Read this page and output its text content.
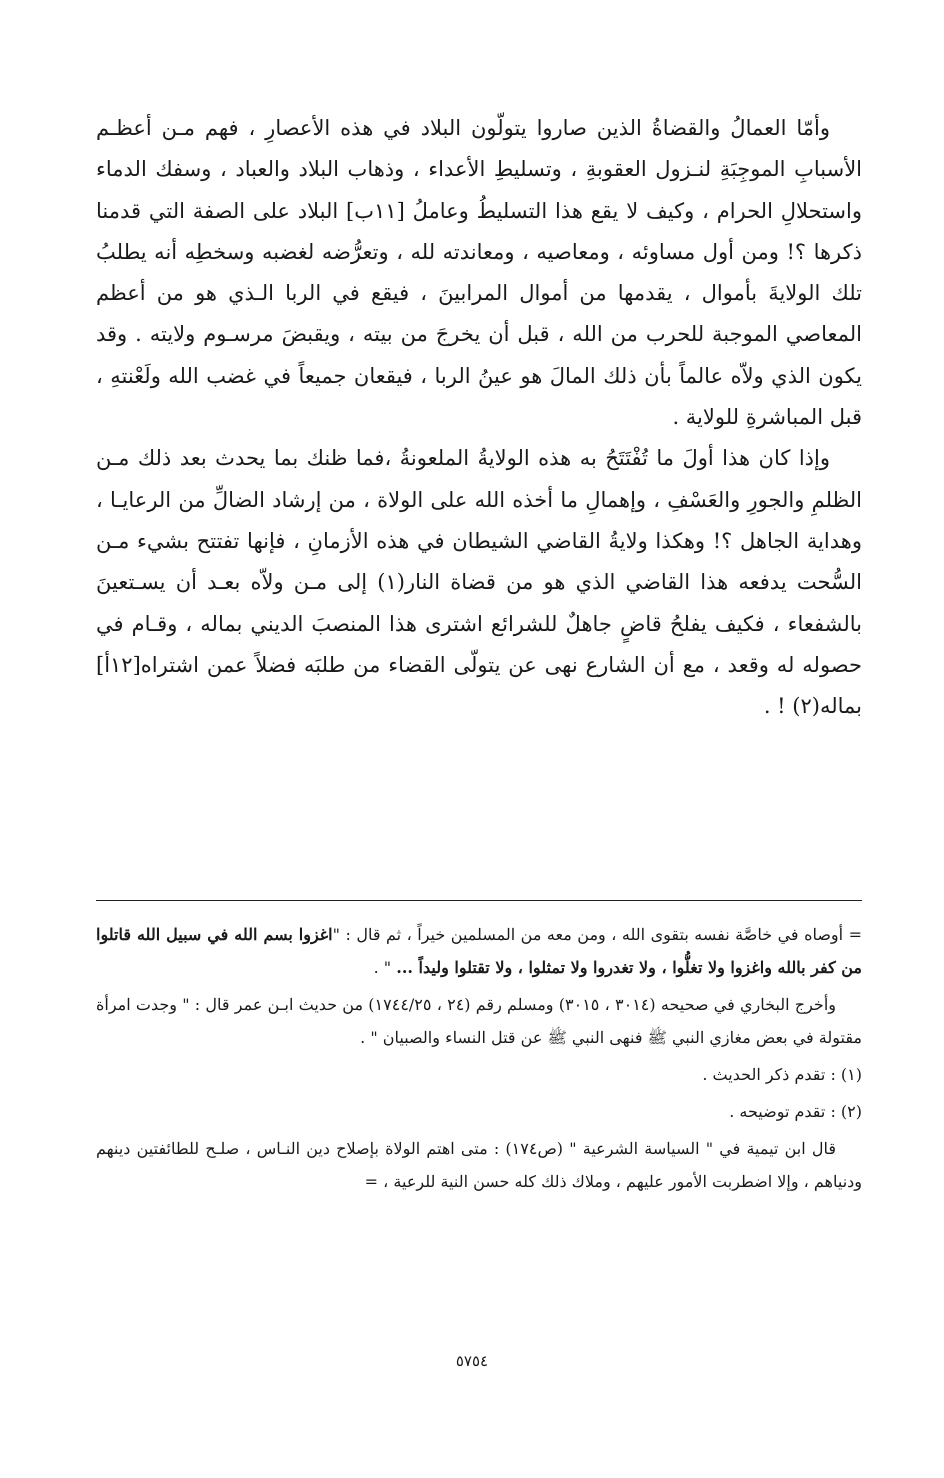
وأمّا العمالُ والقضاةُ الذين صاروا يتولّون البلاد في هذه الأعصارِ ، فهم مـن أعظـم الأسبابِ الموجِبَةِ لنـزول العقوبةِ ، وتسليطِ الأعداء ، وذهاب البلاد والعباد ، وسفك الدماء واستحلالِ الحرام ، وكيف لا يقع هذا التسليطُ وعاملُ [١١ب] البلاد على الصفة التي قدمنا ذكرها ؟! ومن أول مساوئه ، ومعاصيه ، ومعاندته لله ، وتعرُّضه لغضبه وسخطِه أنه يطلبُ تلك الولايةَ بأموال ، يقدمها من أموال المرابينَ ، فيقع في الربا الـذي هو من أعظم المعاصي الموجبة للحرب من الله ، قبل أن يخرجَ من بيته ، ويقبضَ مرسـوم ولايته . وقد يكون الذي ولاّه عالماً بأن ذلك المالَ هو عينُ الربا ، فيقعان جميعاً في غضب الله ولَعْنتهِ ، قبل المباشرةِ للولاية .

وإذا كان هذا أولَ ما تُفْتَتَحُ به هذه الولايةُ الملعونةُ ،فما ظنك بما يحدث بعد ذلك مـن الظلمِ والجورِ والعَسْفِ ، وإهمالِ ما أخذه الله على الولاة ، من إرشاد الضالِّ من الرعايـا ، وهداية الجاهل ؟! وهكذا ولايةُ القاضي الشيطان في هذه الأزمانِ ، فإنها تفتتح بشيء مـن السُّحت يدفعه هذا القاضي الذي هو من قضاة النار(١) إلى مـن ولاّه بعـد أن يسـتعينَ بالشفعاء ، فكيف يفلحُ قاضٍ جاهلٌ للشرائع اشترى هذا المنصبَ الديني بماله ، وقـام في حصوله له وقعد ، مع أن الشارع نهى عن يتولّى القضاء من طلبَه فضلاً عمن اشتراه[١٢أ] بماله(٢) ! .

= أوصاه في خاصَّة نفسه بتقوى الله ، ومن معه من المسلمين خيراً ، ثم قال : "اغزوا بسم الله في سبيل الله قاتلوا من كفر بالله واغزوا ولا تغلُّوا ، ولا تغدروا ولا تمثلوا ، ولا تقتلوا وليداً ... " .

وأخرج البخاري في صحيحه (٣٠١٤ ، ٣٠١٥) ومسلم رقم (٢٤ ، ١٧٤٤/٢٥) من حديث ابـن عمر قال : " وجدت امرأة مقتولة في بعض مغازي النبي ﷺ فنهى النبي ﷺ عن قتل النساء والصبيان " .

(١) : تقدم ذكر الحديث .

(٢) : تقدم توضيحه .

قال ابن تيمية في " السياسة الشرعية " (ص١٧٤) : متى اهتم الولاة بإصلاح دين النـاس ، صلـح للطائفتين دينهم ودنياهم ، وإلا اضطربت الأمور عليهم ، وملاك ذلك كله حسن النية للرعية ، =

٥٧٥٤
